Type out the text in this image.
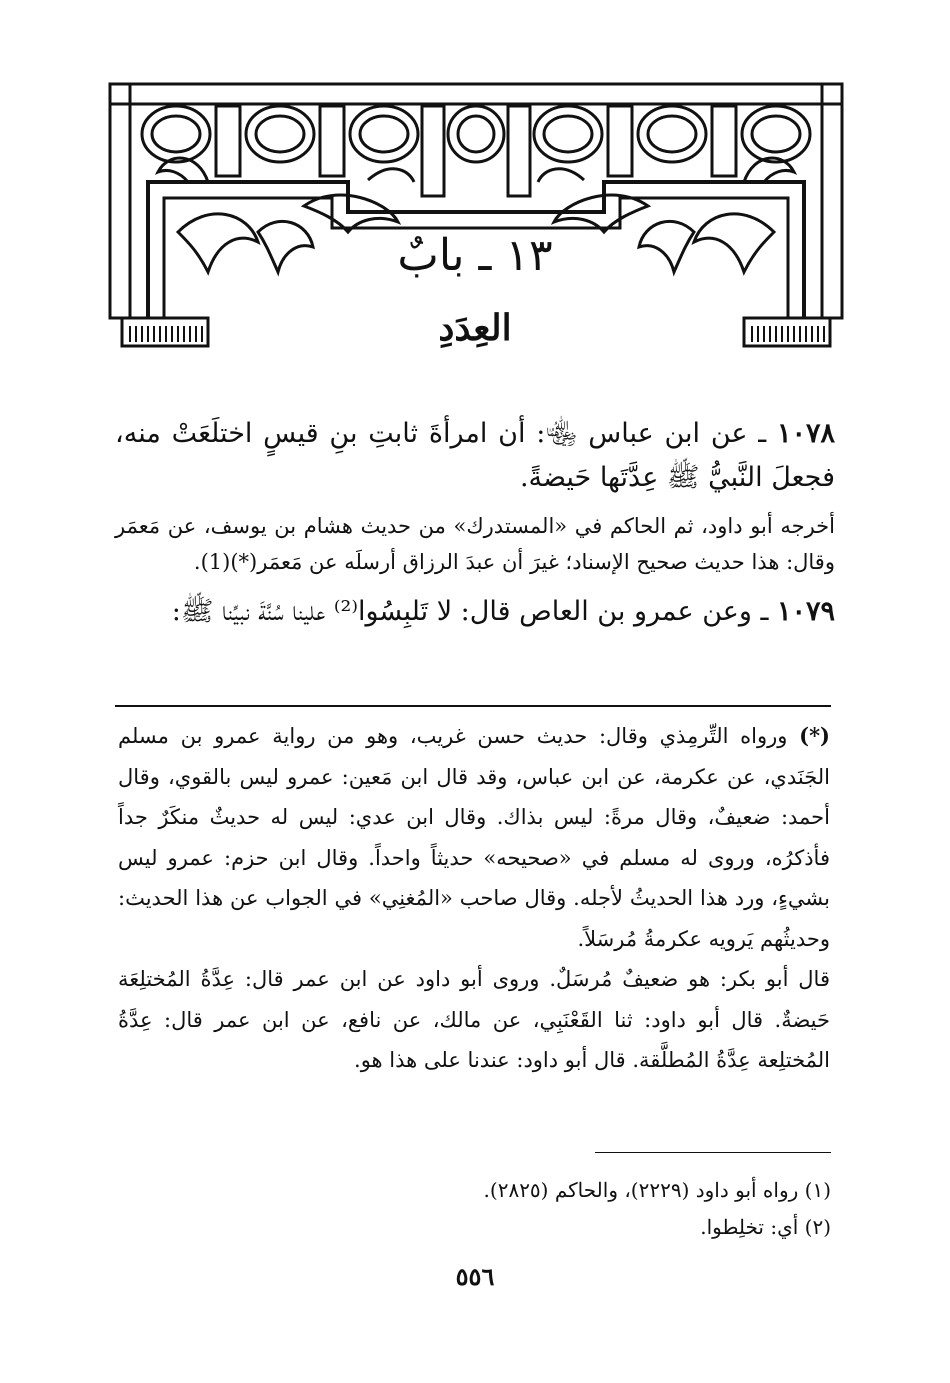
١٣ ـ بابٌ
العِدَدِ

١٠٧٨ ـ عن ابن عباس ﵄: أن امرأةَ ثابتِ بنِ قيسٍ اختلَعَتْ منه، فجعلَ النَّبيُّ ﷺ عِدَّتَها حَيضةً.

أخرجه أبو داود، ثم الحاكم في «المستدرك» من حديث هشام بن يوسف، عن مَعمَر وقال: هذا حديث صحيح الإسناد؛ غيرَ أن عبدَ الرزاق أرسلَه عن مَعمَر(*)(1).

١٠٧٩ ـ وعن عمرو بن العاص قال: لا تَلبِسُوا⁽²⁾ علينا سُنَّةَ نبيِّنا ﷺ:

(*) ورواه التِّرمِذي وقال: حديث حسن غريب، وهو من رواية عمرو بن مسلم الجَنَدي، عن عكرمة، عن ابن عباس، وقد قال ابن مَعين: عمرو ليس بالقوي، وقال أحمد: ضعيفٌ، وقال مرةً: ليس بذاك. وقال ابن عدي: ليس له حديثٌ منكَرٌ جداً فأذكرُه، وروى له مسلم في «صحيحه» حديثاً واحداً. وقال ابن حزم: عمرو ليس بشيءٍ، ورد هذا الحديثُ لأجله. وقال صاحب «المُغنِي» في الجواب عن هذا الحديث: وحديثُهم يَرويه عكرمةُ مُرسَلاً.

قال أبو بكر: هو ضعيفٌ مُرسَلٌ. وروى أبو داود عن ابن عمر قال: عِدَّةُ المُختلِعَة حَيضةٌ. قال أبو داود: ثنا القَعْنَبِي، عن مالك، عن نافع، عن ابن عمر قال: عِدَّةُ المُختلِعة عِدَّةُ المُطلَّقة. قال أبو داود: عندنا على هذا هو.

(١) رواه أبو داود (٢٢٢٩)، والحاكم (٢٨٢٥).

(٢) أي: تخلِطوا.

٥٥٦
